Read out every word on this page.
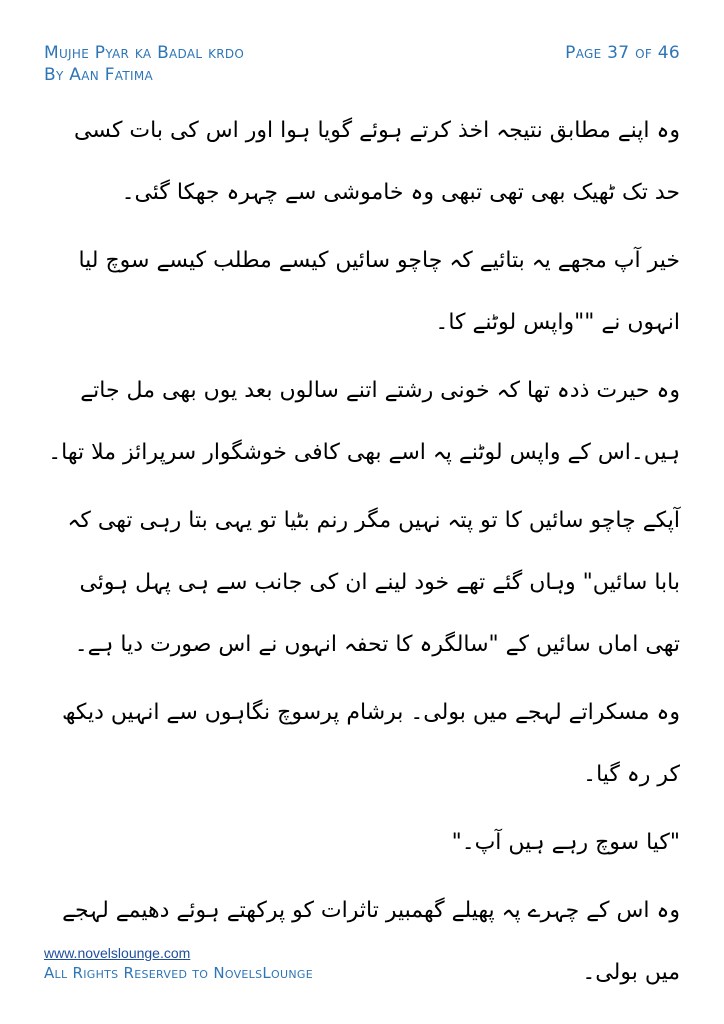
Mujhe Pyar ka Badal krdo
By Aan Fatima
Page 37 of 46

وہ اپنے مطابق نتیجہ اخذ کرتے ہوئے گویا ہوا اور اس کی بات کسی حد تک ٹھیک بھی تھی تبھی وہ خاموشی سے چہرہ جھکا گئی۔

خیر آپ مجھے یہ بتائیے کہ چاچو سائیں کیسے مطلب کیسے سوچ لیا انہوں نے ""واپس لوٹنے کا۔

وہ حیرت ذدہ تھا کہ خونی رشتے اتنے سالوں بعد یوں بھی مل جاتے ہیں۔اس کے واپس لوٹنے پہ اسے بھی کافی خوشگوار سرپرائز ملا تھا۔

آپکے چاچو سائیں کا تو پتہ نہیں مگر رنم بٹیا تو یہی بتا رہی تھی کہ بابا سائیں" وہاں گئے تھے خود لینے ان کی جانب سے ہی پہل ہوئی تھی اماں سائیں کے "سالگرہ کا تحفہ انہوں نے اس صورت دیا ہے۔

وہ مسکراتے لہجے میں بولی۔ برشام پرسوچ نگاہوں سے انہیں دیکھ کر رہ گیا۔

"کیا سوچ رہے ہیں آپ۔"

وہ اس کے چہرے پہ پھیلے گھمبیر تاثرات کو پرکھتے ہوئے دھیمے لہجے میں بولی۔

www.novelslounge.com
All Rights Reserved to NovelsLounge
